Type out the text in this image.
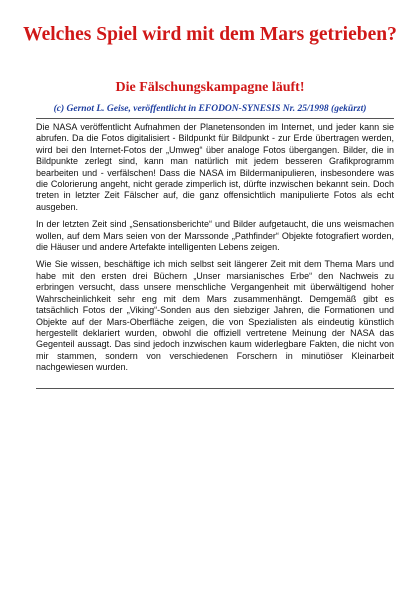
Welches Spiel wird mit dem Mars getrieben?
Die Fälschungskampagne läuft!

(c) Gernot L. Geise, veröffentlicht in EFODON-SYNESIS Nr. 25/1998 (gekürzt)

Die NASA veröffentlicht Aufnahmen der Planetensonden im Internet, und jeder kann sie abrufen. Da die Fotos digitalisiert - Bildpunkt für Bildpunkt - zur Erde übertragen werden, wird bei den Internet-Fotos der „Umweg“ über analoge Fotos übergangen. Bilder, die in Bildpunkte zerlegt sind, kann man natürlich mit jedem besseren Grafikprogramm bearbeiten und - verfälschen! Dass die NASA im Bildermanipulieren, insbesondere was die Colorierung angeht, nicht gerade zimperlich ist, dürfte inzwischen bekannt sein. Doch treten in letzter Zeit Fälscher auf, die ganz offensichtlich manipulierte Fotos als echt ausgeben.

In der letzten Zeit sind „Sensationsberichte“ und Bilder aufgetaucht, die uns weismachen wollen, auf dem Mars seien von der Marssonde „Pathfinder“ Objekte fotografiert worden, die Häuser und andere Artefakte intelligenten Lebens zeigen.

Wie Sie wissen, beschäftige ich mich selbst seit längerer Zeit mit dem Thema Mars und habe mit den ersten drei Büchern „Unser marsianisches Erbe“ den Nachweis zu erbringen versucht, dass unsere menschliche Vergangenheit mit überwältigend hoher Wahrscheinlichkeit sehr eng mit dem Mars zusammenhängt. Demgemäß gibt es tatsächlich Fotos der „Viking“-Sonden aus den siebziger Jahren, die Formationen und Objekte auf der Mars-Oberfläche zeigen, die von Spezialisten als eindeutig künstlich hergestellt deklariert wurden, obwohl die offiziell vertretene Meinung der NASA das Gegenteil aussagt. Das sind jedoch inzwischen kaum widerlegbare Fakten, die nicht von mir stammen, sondern von verschiedenen Forschern in minutiöser Kleinarbeit nachgewiesen wurden.
